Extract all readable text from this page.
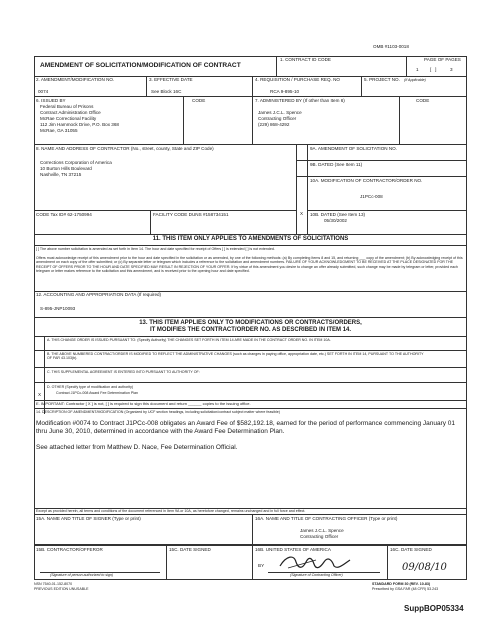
OMB #1103-0018
AMENDMENT OF SOLICITATION/MODIFICATION OF CONTRACT
1. CONTRACT ID CODE	PAGE OF PAGES
1 [   ]	3
2. AMENDMENT/MODIFICATION NO.
0074
3. EFFECTIVE DATE
See Block 16C
4. REQUISITION / PURCHASE REQ. NO
RCA 9-895-10
5. PROJECT NO. (If Applicable)
6. ISSUED BY	CODE
Federal Bureau of Prisons
Contract Administration Office
McRae Correctional Facility
112 Jim Hammock Drive, P.O. Box 368
McRae, GA 31055
7. ADMINISTERED BY (If other than Item 6)	CODE
James J.C.L. Spence
Contracting Officer
(229) 868-4292
8. NAME AND ADDRESS OF CONTRACTOR (No., street, county, State and ZIP Code)
Corrections Corporation of America
10 Burton Hills Boulevard
Nashville, TN 37215
9A. AMENDMENT OF SOLICITATION NO.
9B. DATED (See Item 11)
10A. MODIFICATION OF CONTRACTOR/ORDER NO.
J1PCc-008
X 10B. DATED (See Item 13)
05/30/2002
CODE Tax ID# 62-1750994	FACILITY CODE DUNS #158734151
11. THIS ITEM ONLY APPLIES TO AMENDMENTS OF SOLICITATIONS
[ ] The above number solicitation is amended as set forth in Item 14. The hour and date specified for receipt of Offers [ ] is extended [ ] is not extended.
Offers must acknowledge receipt of this amendment prior to the hour and date specified in the solicitation or as amended, by one of the following methods: (a) By completing Items 8 and 15, and returning ___ copy of the amendment; (b) By acknowledging receipt of this amendment on each copy of the offer submitted; or (c) By separate letter or telegram which includes a reference to the solicitation and amendment numbers. FAILURE OF YOUR ACKNOWLEDGMENT TO BE RECEIVED AT THE PLACE DESIGNATED FOR THE RECEIPT OF OFFERS PRIOR TO THE HOUR AND DATE SPECIFIED MAY RESULT IN REJECTION OF YOUR OFFER. If by virtue of this amendment you desire to change an offer already submitted, such change may be made by telegram or letter, provided each telegram or letter makes reference to the solicitation and this amendment, and is received prior to the opening hour and date specified.
12. ACCOUNTING AND APPROPRIATION DATA (If required)
S-895-JNP10093
13. THIS ITEM APPLIES ONLY TO MODIFICATIONS OR CONTRACTS/ORDERS,
IT MODIFIES THE CONTRACT/ORDER NO. AS DESCRIBED IN ITEM 14.
A. THIS CHANGE ORDER IS ISSUED PURSUANT TO: (Specify Authority) THE CHANGES SET FORTH IN ITEM 14 ARE MADE IN THE CONTRACT ORDER NO. IN ITEM 10A.
B. THE ABOVE NUMBERED CONTRACT/ORDER IS MODIFIED TO REFLECT THE ADMINISTRATIVE CHANGES (such as changes in paying office, appropriation date, etc.) SET FORTH IN ITEM 14, PURSUANT TO THE AUTHORITY OF FAR 43.103(b).
C. THIS SUPPLEMENTAL AGREEMENT IS ENTERED INTO PURSUANT TO AUTHORITY OF:
D. OTHER (Specify type of modification and authority)
X	Contract J1PCc-008 Award Fee Determination Plan
E. IMPORTANT: Contractor [ X ] is not, [ ] is required to sign this document and return ______ copies to the issuing office.
14. DESCRIPTION OF AMENDMENT/MODIFICATION (Organized by UCF section headings, including solicitation/contract subject matter where feasible)
Modification #0074 to Contract J1PCc-008 obligates an Award Fee of $582,192.18, earned for the period of performance commencing January 01 thru June 30, 2010, determined in accordance with the Award Fee Determination Plan.
See attached letter from Matthew D. Nace, Fee Determination Official.
Except as provided herein, all terms and conditions of the document referenced in Item 9A or 10A, as heretofore changed, remains unchanged and in full force and effect.
15A. NAME AND TITLE OF SIGNER (Type or print)	16A. NAME AND TITLE OF CONTRACTING OFFICER (Type or print)
James J.C.L. Spence
Contracting Officer
15B. CONTRACTOR/OFFEROR
(Signature of person authorized to sign)
15C. DATE SIGNED	16B. UNITED STATES OF AMERICA
BY
(Signature of Contracting Officer)
16C. DATE SIGNED
09/08/10
NSN 7540-01-152-8070
PREVIOUS EDITION UNUSABLE
STANDARD FORM 30 (REV. 10-83)
Prescribed by GSA FAR (48 CFR) 53.243
SuppBOP05334
